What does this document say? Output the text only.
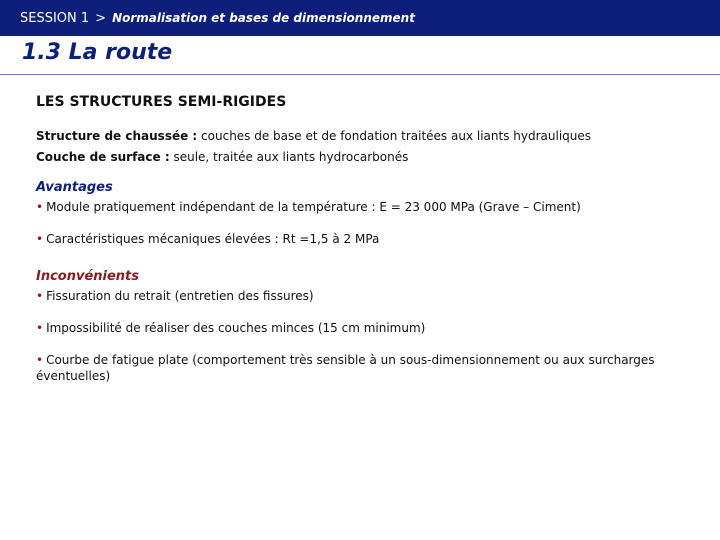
SESSION 1 > Normalisation et bases de dimensionnement
1.3 La route
LES STRUCTURES SEMI-RIGIDES

Structure de chaussée : couches de base et de fondation traitées aux liants hydrauliques

Couche de surface : seule, traitée aux liants hydrocarbonés

Avantages

• Module pratiquement indépendant de la température : E = 23 000 MPa (Grave – Ciment)

• Caractéristiques mécaniques élevées : Rt =1,5 à 2 MPa

Inconvénients

• Fissuration du retrait (entretien des fissures)

• Impossibilité de réaliser des couches minces (15 cm minimum)

• Courbe de fatigue plate (comportement très sensible à un sous-dimensionnement ou aux surcharges éventuelles)
